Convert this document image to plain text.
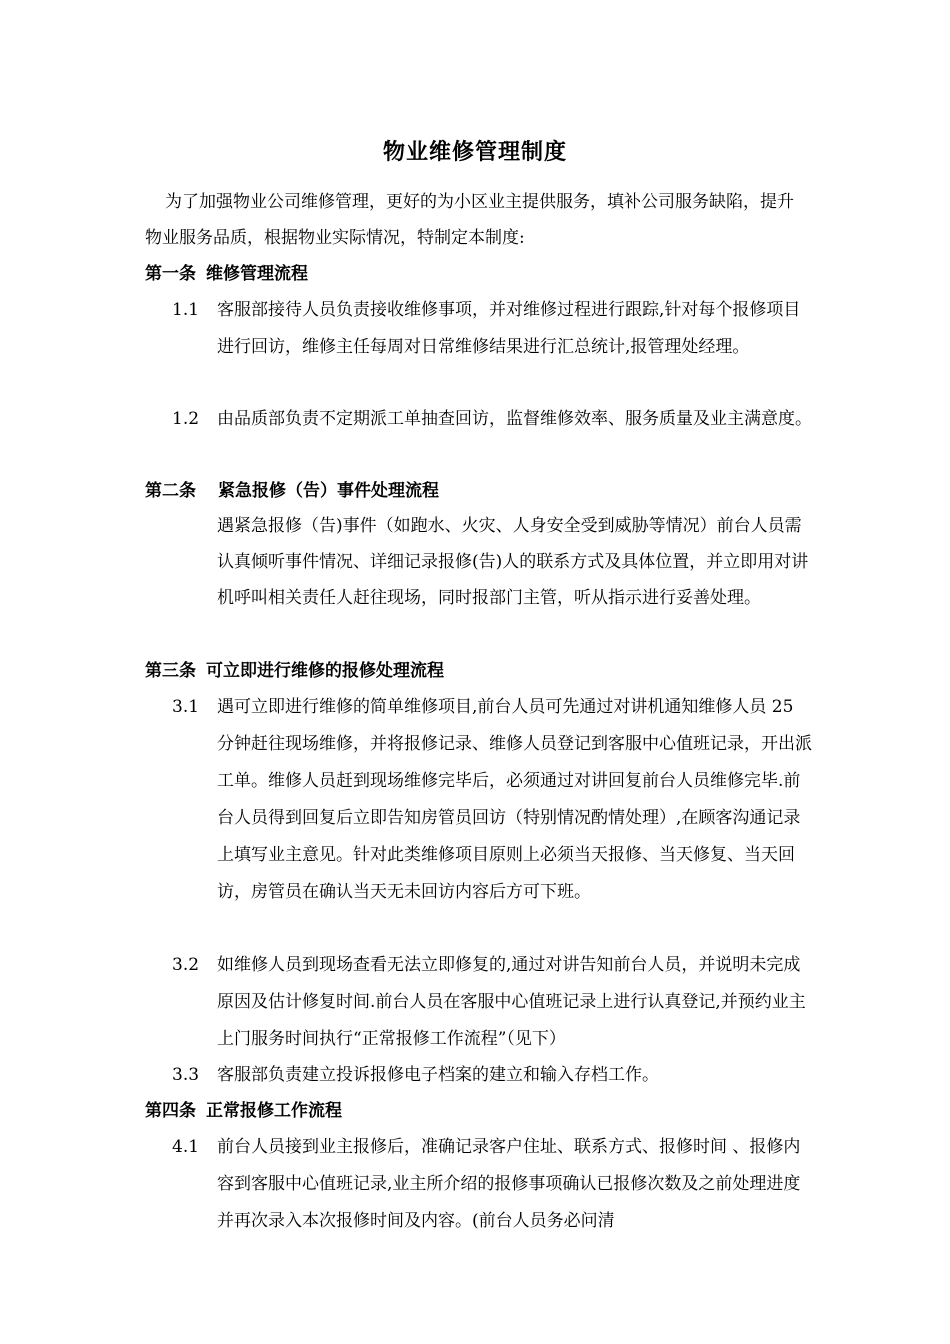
物业维修管理制度
为了加强物业公司维修管理，更好的为小区业主提供服务，填补公司服务缺陷，提升物业服务品质，根据物业实际情况，特制定本制度:
第一条 维修管理流程
1.1	客服部接待人员负责接收维修事项，并对维修过程进行跟踪,针对每个报修项目进行回访，维修主任每周对日常维修结果进行汇总统计,报管理处经理。
1.2	由品质部负责不定期派工单抽查回访，监督维修效率、服务质量及业主满意度。
第二条 紧急报修（告）事件处理流程
遇紧急报修（告)事件（如跑水、火灾、人身安全受到威胁等情况）前台人员需认真倾听事件情况、详细记录报修(告)人的联系方式及具体位置，并立即用对讲机呼叫相关责任人赶往现场，同时报部门主管，听从指示进行妥善处理。
第三条 可立即进行维修的报修处理流程
3.1	遇可立即进行维修的简单维修项目,前台人员可先通过对讲机通知维修人员 25 分钟赶往现场维修，并将报修记录、维修人员登记到客服中心值班记录，开出派工单。维修人员赶到现场维修完毕后，必须通过对讲回复前台人员维修完毕.前台人员得到回复后立即告知房管员回访（特别情况酌情处理）,在顾客沟通记录上填写业主意见。针对此类维修项目原则上必须当天报修、当天修复、当天回访，房管员在确认当天无未回访内容后方可下班。
3.2	如维修人员到现场查看无法立即修复的,通过对讲告知前台人员，并说明未完成原因及估计修复时间.前台人员在客服中心值班记录上进行认真登记,并预约业主上门服务时间执行“正常报修工作流程”（见下）
3.3	客服部负责建立投诉报修电子档案的建立和输入存档工作。
第四条 正常报修工作流程
4.1	前台人员接到业主报修后，准确记录客户住址、联系方式、报修时间 、报修内容到客服中心值班记录,业主所介绍的报修事项确认已报修次数及之前处理进度并再次录入本次报修时间及内容。(前台人员务必问清
